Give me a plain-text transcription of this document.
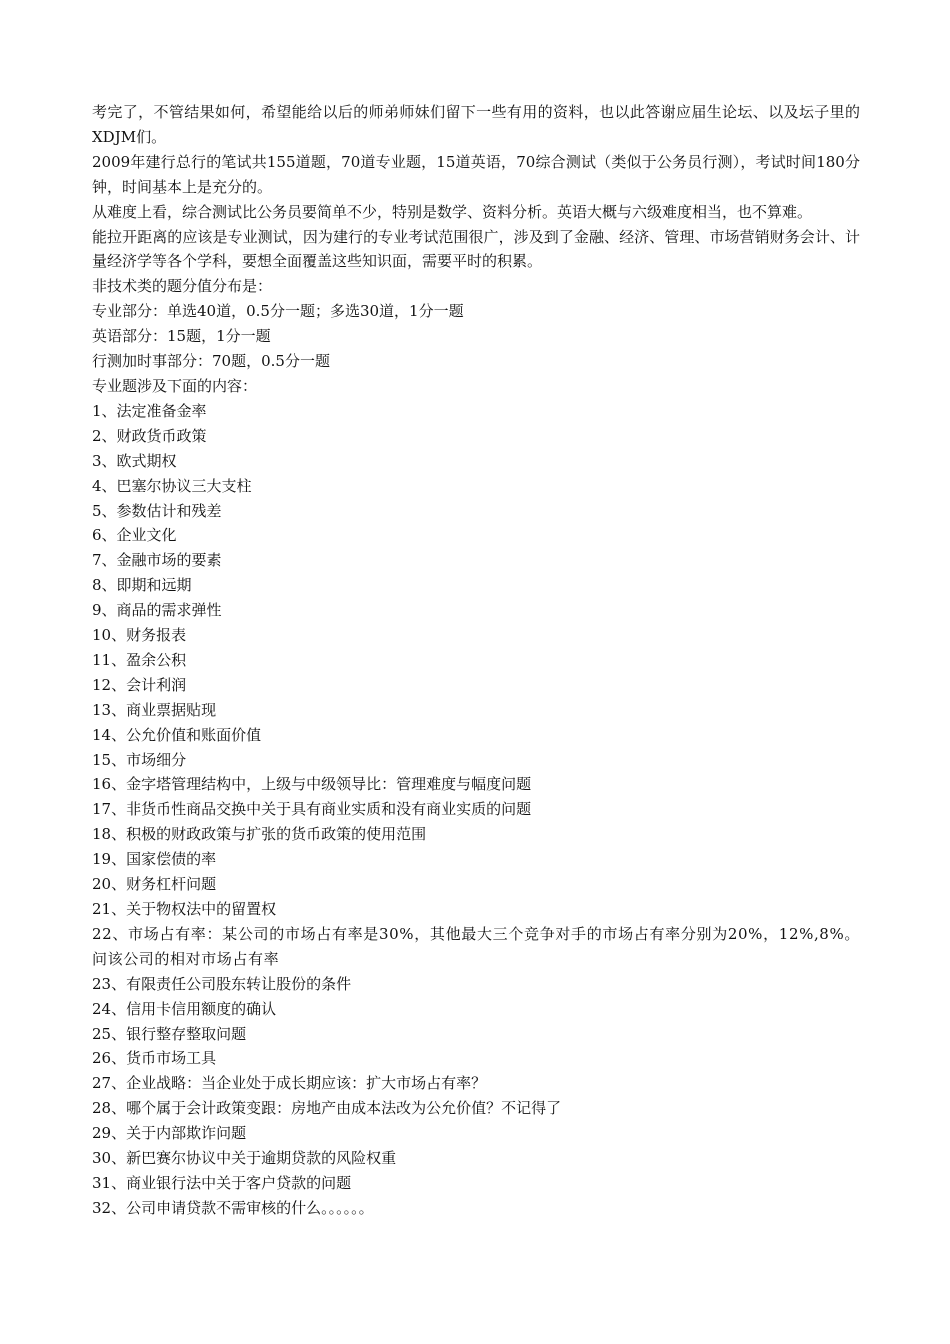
考完了，不管结果如何，希望能给以后的师弟师妹们留下一些有用的资料，也以此答谢应届生论坛、以及坛子里的XDJM们。

2009年建行总行的笔试共155道题，70道专业题，15道英语，70综合测试（类似于公务员行测），考试时间180分钟，时间基本上是充分的。

从难度上看，综合测试比公务员要简单不少，特别是数学、资料分析。英语大概与六级难度相当，也不算难。

能拉开距离的应该是专业测试，因为建行的专业考试范围很广，涉及到了金融、经济、管理、市场营销财务会计、计量经济学等各个学科，要想全面覆盖这些知识面，需要平时的积累。

非技术类的题分值分布是：

专业部分：单选40道，0.5分一题；多选30道，1分一题

英语部分：15题，1分一题

行测加时事部分：70题，0.5分一题

专业题涉及下面的内容：

1、法定准备金率

2、财政货币政策

3、欧式期权

4、巴塞尔协议三大支柱

5、参数估计和残差

6、企业文化

7、金融市场的要素

8、即期和远期

9、商品的需求弹性

10、财务报表

11、盈余公积

12、会计利润

13、商业票据贴现

14、公允价值和账面价值

15、市场细分

16、金字塔管理结构中，上级与中级领导比：管理难度与幅度问题

17、非货币性商品交换中关于具有商业实质和没有商业实质的问题

18、积极的财政政策与扩张的货币政策的使用范围

19、国家偿债的率

20、财务杠杆问题

21、关于物权法中的留置权

22、市场占有率：某公司的市场占有率是30%，其他最大三个竞争对手的市场占有率分别为20%，12%,8%。问该公司的相对市场占有率

23、有限责任公司股东转让股份的条件

24、信用卡信用额度的确认

25、银行整存整取问题

26、货币市场工具

27、企业战略：当企业处于成长期应该：扩大市场占有率？

28、哪个属于会计政策变跟：房地产由成本法改为公允价值？不记得了

29、关于内部欺诈问题

30、新巴赛尔协议中关于逾期贷款的风险权重

31、商业银行法中关于客户贷款的问题

32、公司申请贷款不需审核的什么。。。。。。
